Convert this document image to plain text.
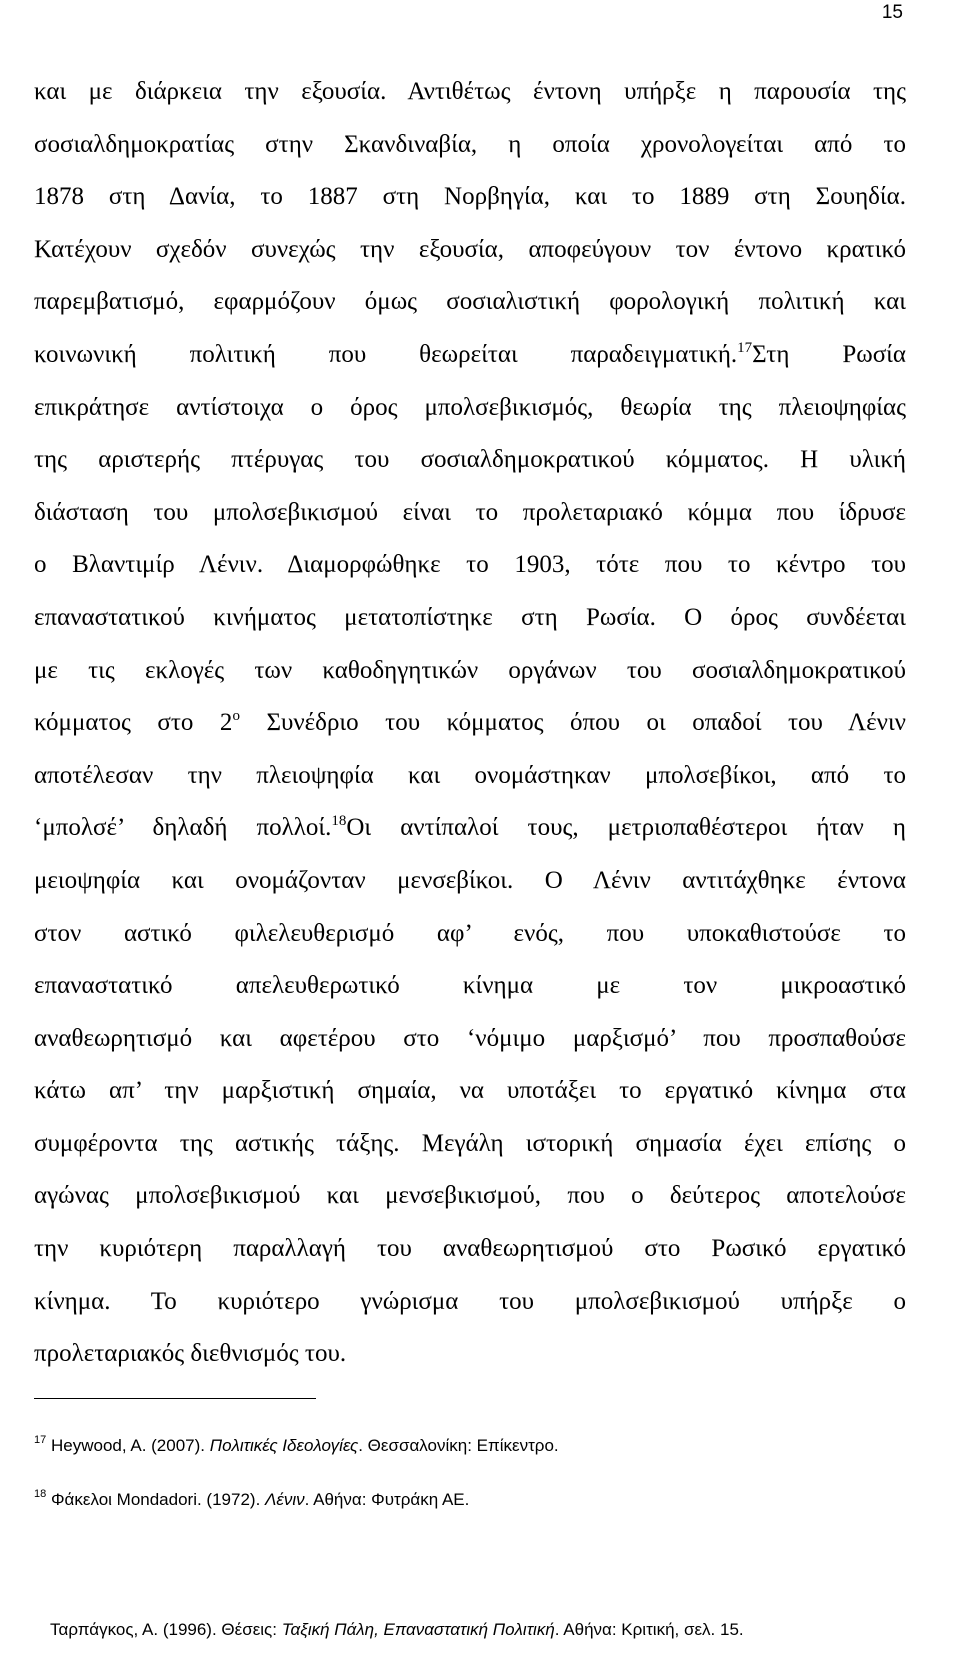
15
και με διάρκεια την εξουσία. Αντιθέτως έντονη υπήρξε η παρουσία της
σοσιαλδημοκρατίας στην Σκανδιναβία, η οποία χρονολογείται από το
1878 στη Δανία, το 1887 στη Νορβηγία, και το 1889 στη Σουηδία.
Κατέχουν σχεδόν συνεχώς την εξουσία, αποφεύγουν τον έντονο κρατικό
παρεμβατισμό, εφαρμόζουν όμως σοσιαλιστική φορολογική πολιτική και
κοινωνική πολιτική που θεωρείται παραδειγματική.$^{17}$Στη Ρωσία
επικράτησε αντίστοιχα ο όρος μπολσεβικισμός, θεωρία της πλειοψηφίας
της αριστερής πτέρυγας του σοσιαλδημοκρατικού κόμματος. Η υλική
διάσταση του μπολσεβικισμού είναι το προλεταριακό κόμμα που ίδρυσε
ο Βλαντιμίρ Λένιν. Διαμορφώθηκε το 1903, τότε που το κέντρο του
επαναστατικού κινήματος μετατοπίστηκε στη Ρωσία. Ο όρος συνδέεται
με τις εκλογές των καθοδηγητικών οργάνων του σοσιαλδημοκρατικού
κόμματος στο $2^o$ Συνέδριο του κόμματος όπου οι οπαδοί του Λένιν
αποτέλεσαν την πλειοψηφία και ονομάστηκαν μπολσεβίκοι, από το
‘μπολσέ’ δηλαδή πολλοί.$^{18}$Οι αντίπαλοί τους, μετριοπαθέστεροι ήταν η
μειοψηφία και ονομάζονταν μενσεβίκοι. Ο Λένιν αντιτάχθηκε έντονα
στον αστικό φιλελευθερισμό αφ’ ενός, που υποκαθιστούσε το
επαναστατικό απελευθερωτικό κίνημα με τον μικροαστικό
αναθεωρητισμό και αφετέρου στο ‘νόμιμο μαρξισμό’ που προσπαθούσε
κάτω απ’ την μαρξιστική σημαία, να υποτάξει το εργατικό κίνημα στα
συμφέροντα της αστικής τάξης. Μεγάλη ιστορική σημασία έχει επίσης ο
αγώνας μπολσεβικισμού και μενσεβικισμού, που ο δεύτερος αποτελούσε
την κυριότερη παραλλαγή του αναθεωρητισμού στο Ρωσικό εργατικό
κίνημα. Το κυριότερο γνώρισμα του μπολσεβικισμού υπήρξε ο
προλεταριακός διεθνισμός του.
$^{17}$ Heywood, A. (2007). Πολιτικές Ιδεολογίες. Θεσσαλονίκη: Επίκεντρο.
$^{18}$ Φάκελοι Mondadori. (1972). Λένιν. Αθήνα: Φυτράκη ΑΕ.
Ταρπάγκος, Α. (1996). Θέσεις: Ταξική Πάλη, Επαναστατική Πολιτική. Αθήνα: Κριτική, σελ. 15.
